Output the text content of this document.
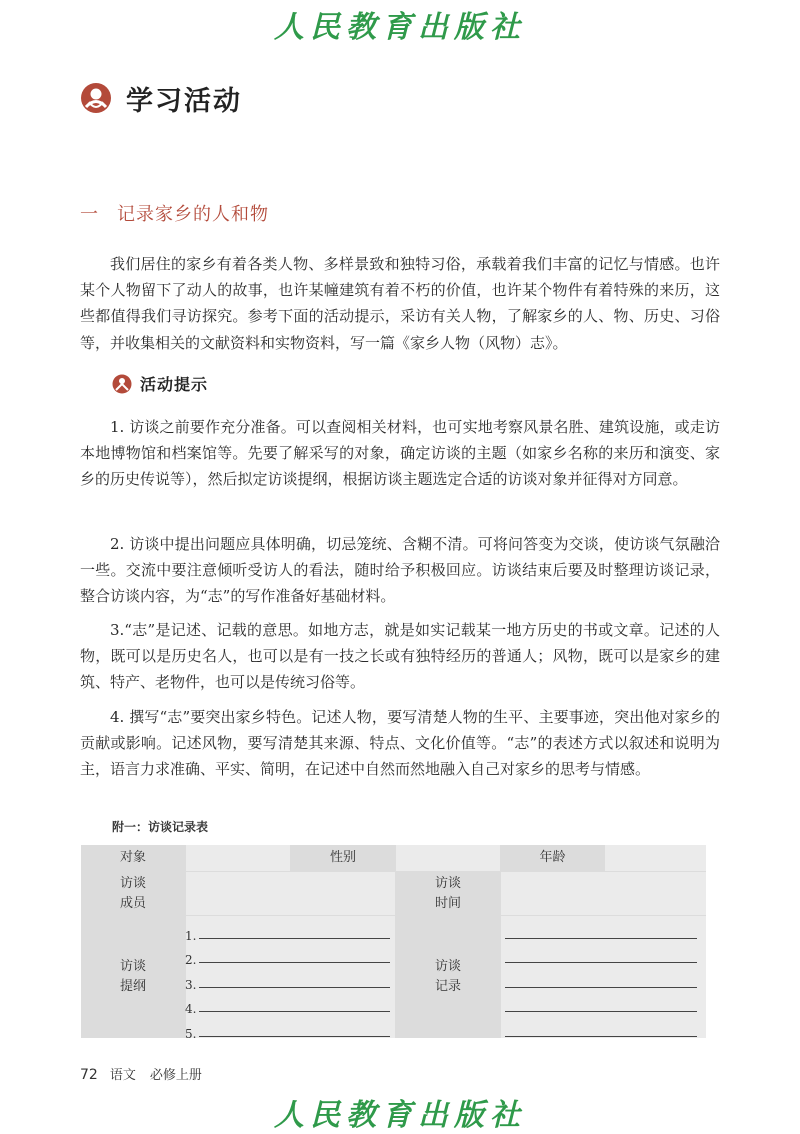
人民教育出版社
学习活动
一 记录家乡的人和物

我们居住的家乡有着各类人物、多样景致和独特习俗，承载着我们丰富的记忆与情感。也许某个人物留下了动人的故事，也许某幢建筑有着不朽的价值，也许某个物件有着特殊的来历，这些都值得我们寻访探究。参考下面的活动提示，采访有关人物，了解家乡的人、物、历史、习俗等，并收集相关的文献资料和实物资料，写一篇《家乡人物（风物）志》。

活动提示

1. 访谈之前要作充分准备。可以查阅相关材料，也可实地考察风景名胜、建筑设施，或走访本地博物馆和档案馆等。先要了解采写的对象，确定访谈的主题（如家乡名称的来历和演变、家乡的历史传说等），然后拟定访谈提纲，根据访谈主题选定合适的访谈对象并征得对方同意。

2. 访谈中提出问题应具体明确，切忌笼统、含糊不清。可将问答变为交谈，使访谈气氛融洽一些。交流中要注意倾听受访人的看法，随时给予积极回应。访谈结束后要及时整理访谈记录，整合访谈内容，为“志”的写作准备好基础材料。

3.“志”是记述、记载的意思。如地方志，就是如实记载某一地方历史的书或文章。记述的人物，既可以是历史名人，也可以是有一技之长或有独特经历的普通人；风物，既可以是家乡的建筑、特产、老物件，也可以是传统习俗等。

4. 撰写“志”要突出家乡特色。记述人物，要写清楚人物的生平、主要事迹，突出他对家乡的贡献或影响。记述风物，要写清楚其来源、特点、文化价值等。“志”的表述方式以叙述和说明为主，语言力求准确、平实、简明，在记述中自然而然地融入自己对家乡的思考与情感。

附一：访谈记录表
对象	性别	年龄
访谈
成员
访谈
时间
访谈
提纲
访谈
记录
1.
2.
3.
4.
5.
72 语文 必修上册
人民教育出版社
